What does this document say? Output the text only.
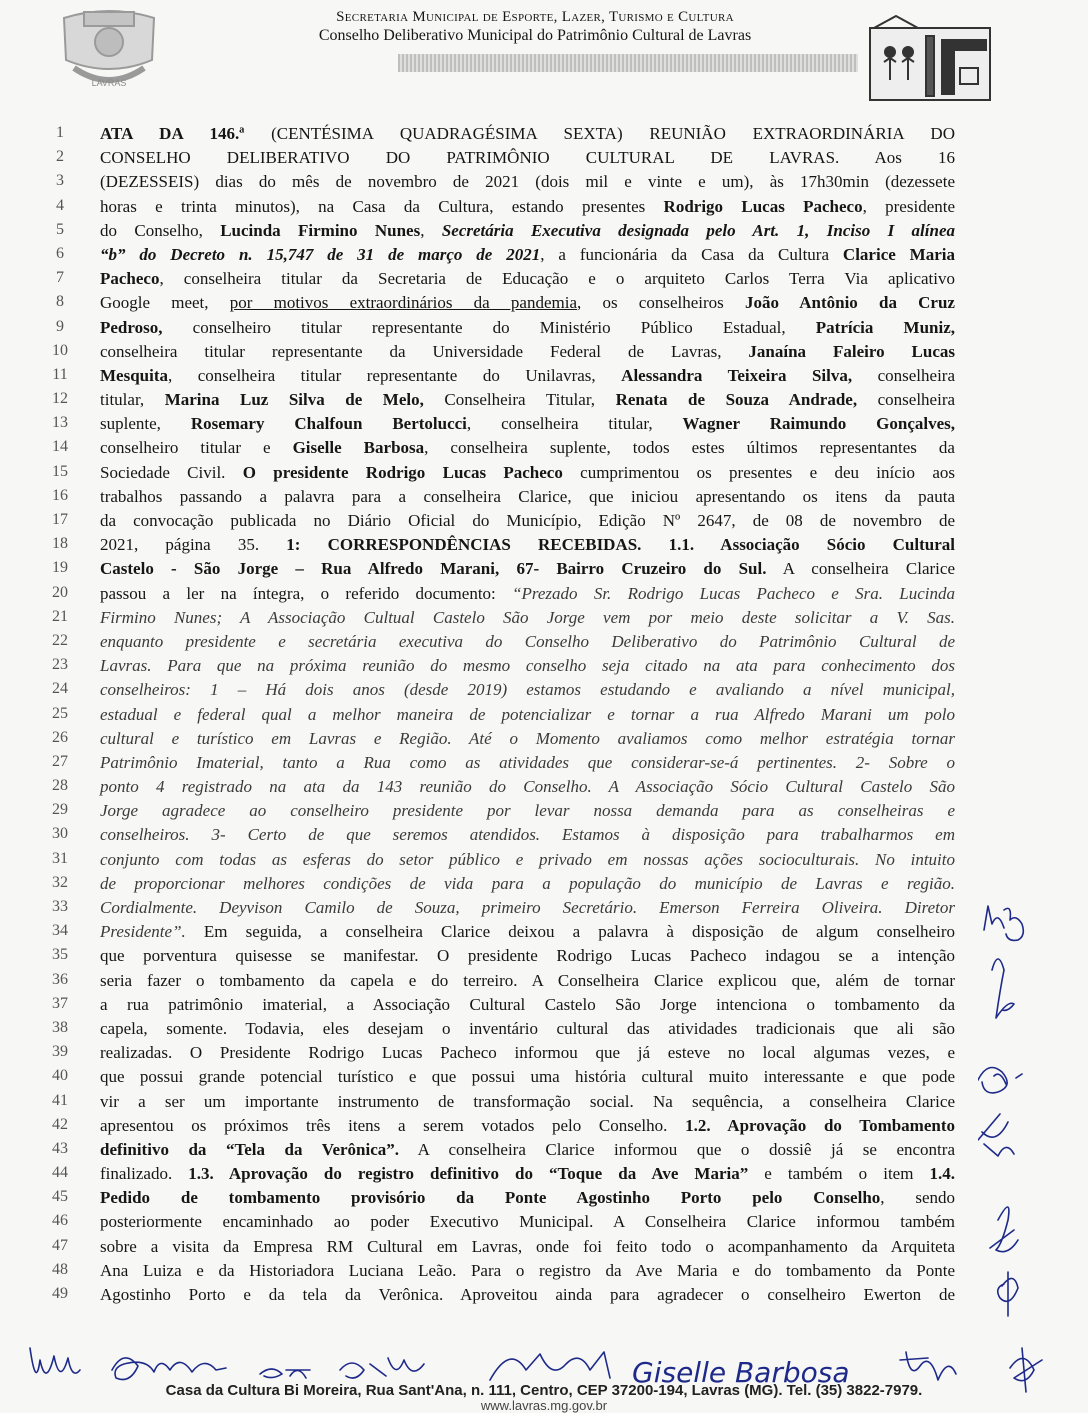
LAVRAS
Secretaria Municipal de Esporte, Lazer, Turismo e Cultura
Conselho Deliberativo Municipal do Patrimônio Cultural de Lavras
1	ATA DA 146.ª (CENTÉSIMA QUADRAGÉSIMA SEXTA) REUNIÃO EXTRAORDINÁRIA DO
2	CONSELHO DELIBERATIVO DO PATRIMÔNIO CULTURAL DE LAVRAS. Aos 16
3	(DEZESSEIS) dias do mês de novembro de 2021 (dois mil e vinte e um), às 17h30min (dezessete
4	horas e trinta minutos), na Casa da Cultura, estando presentes Rodrigo Lucas Pacheco, presidente
5	do Conselho, Lucinda Firmino Nunes, Secretária Executiva designada pelo Art. 1, Inciso I alínea
6	“b” do Decreto n. 15,747 de 31 de março de 2021, a funcionária da Casa da Cultura Clarice Maria
7	Pacheco, conselheira titular da Secretaria de Educação e o arquiteto Carlos Terra Via aplicativo
8	Google meet, por motivos extraordinários da pandemia, os conselheiros João Antônio da Cruz
9	Pedroso, conselheiro titular representante do Ministério Público Estadual, Patrícia Muniz,
10	conselheira titular representante da Universidade Federal de Lavras, Janaína Faleiro Lucas
11	Mesquita, conselheira titular representante do Unilavras, Alessandra Teixeira Silva, conselheira
12	titular, Marina Luz Silva de Melo, Conselheira Titular, Renata de Souza Andrade, conselheira
13	suplente, Rosemary Chalfoun Bertolucci, conselheira titular, Wagner Raimundo Gonçalves,
14	conselheiro titular e Giselle Barbosa, conselheira suplente, todos estes últimos representantes da
15	Sociedade Civil. O presidente Rodrigo Lucas Pacheco cumprimentou os presentes e deu início aos
16	trabalhos passando a palavra para a conselheira Clarice, que iniciou apresentando os itens da pauta
17	da convocação publicada no Diário Oficial do Município, Edição Nº 2647, de 08 de novembro de
18	2021, página 35. 1: CORRESPONDÊNCIAS RECEBIDAS. 1.1. Associação Sócio Cultural
19	Castelo - São Jorge – Rua Alfredo Marani, 67- Bairro Cruzeiro do Sul. A conselheira Clarice
20	passou a ler na íntegra, o referido documento: “Prezado Sr. Rodrigo Lucas Pacheco e Sra. Lucinda
21	Firmino Nunes; A Associação Cultual Castelo São Jorge vem por meio deste solicitar a V. Sas.
22	enquanto presidente e secretária executiva do Conselho Deliberativo do Patrimônio Cultural de
23	Lavras. Para que na próxima reunião do mesmo conselho seja citado na ata para conhecimento dos
24	conselheiros: 1 – Há dois anos (desde 2019) estamos estudando e avaliando a nível municipal,
25	estadual e federal qual a melhor maneira de potencializar e tornar a rua Alfredo Marani um polo
26	cultural e turístico em Lavras e Região. Até o Momento avaliamos como melhor estratégia tornar
27	Patrimônio Imaterial, tanto a Rua como as atividades que considerar-se-á pertinentes. 2- Sobre o
28	ponto 4 registrado na ata da 143 reunião do Conselho. A Associação Sócio Cultural Castelo São
29	Jorge agradece ao conselheiro presidente por levar nossa demanda para as conselheiras e
30	conselheiros. 3- Certo de que seremos atendidos. Estamos à disposição para trabalharmos em
31	conjunto com todas as esferas do setor público e privado em nossas ações socioculturais. No intuito
32	de proporcionar melhores condições de vida para a população do município de Lavras e região.
33	Cordialmente. Deyvison Camilo de Souza, primeiro Secretário. Emerson Ferreira Oliveira. Diretor
34	Presidente”. Em seguida, a conselheira Clarice deixou a palavra à disposição de algum conselheiro
35	que porventura quisesse se manifestar. O presidente Rodrigo Lucas Pacheco indagou se a intenção
36	seria fazer o tombamento da capela e do terreiro. A Conselheira Clarice explicou que, além de tornar
37	a rua patrimônio imaterial, a Associação Cultural Castelo São Jorge intenciona o tombamento da
38	capela, somente. Todavia, eles desejam o inventário cultural das atividades tradicionais que ali são
39	realizadas. O Presidente Rodrigo Lucas Pacheco informou que já esteve no local algumas vezes, e
40	que possui grande potencial turístico e que possui uma história cultural muito interessante e que pode
41	vir a ser um importante instrumento de transformação social. Na sequência, a conselheira Clarice
42	apresentou os próximos três itens a serem votados pelo Conselho. 1.2. Aprovação do Tombamento
43	definitivo da “Tela da Verônica”. A conselheira Clarice informou que o dossiê já se encontra
44	finalizado. 1.3. Aprovação do registro definitivo do “Toque da Ave Maria” e também o item 1.4.
45	Pedido de tombamento provisório da Ponte Agostinho Porto pelo Conselho, sendo
46	posteriormente encaminhado ao poder Executivo Municipal. A Conselheira Clarice informou também
47	sobre a visita da Empresa RM Cultural em Lavras, onde foi feito todo o acompanhamento da Arquiteta
48	Ana Luiza e da Historiadora Luciana Leão. Para o registro da Ave Maria e do tombamento da Ponte
49	Agostinho Porto e da tela da Verônica. Aproveitou ainda para agradecer o conselheiro Ewerton de
Giselle Barbosa
Casa da Cultura Bi Moreira, Rua Sant'Ana, n. 111, Centro, CEP 37200-194, Lavras (MG). Tel. (35) 3822-7979.
www.lavras.mg.gov.br
